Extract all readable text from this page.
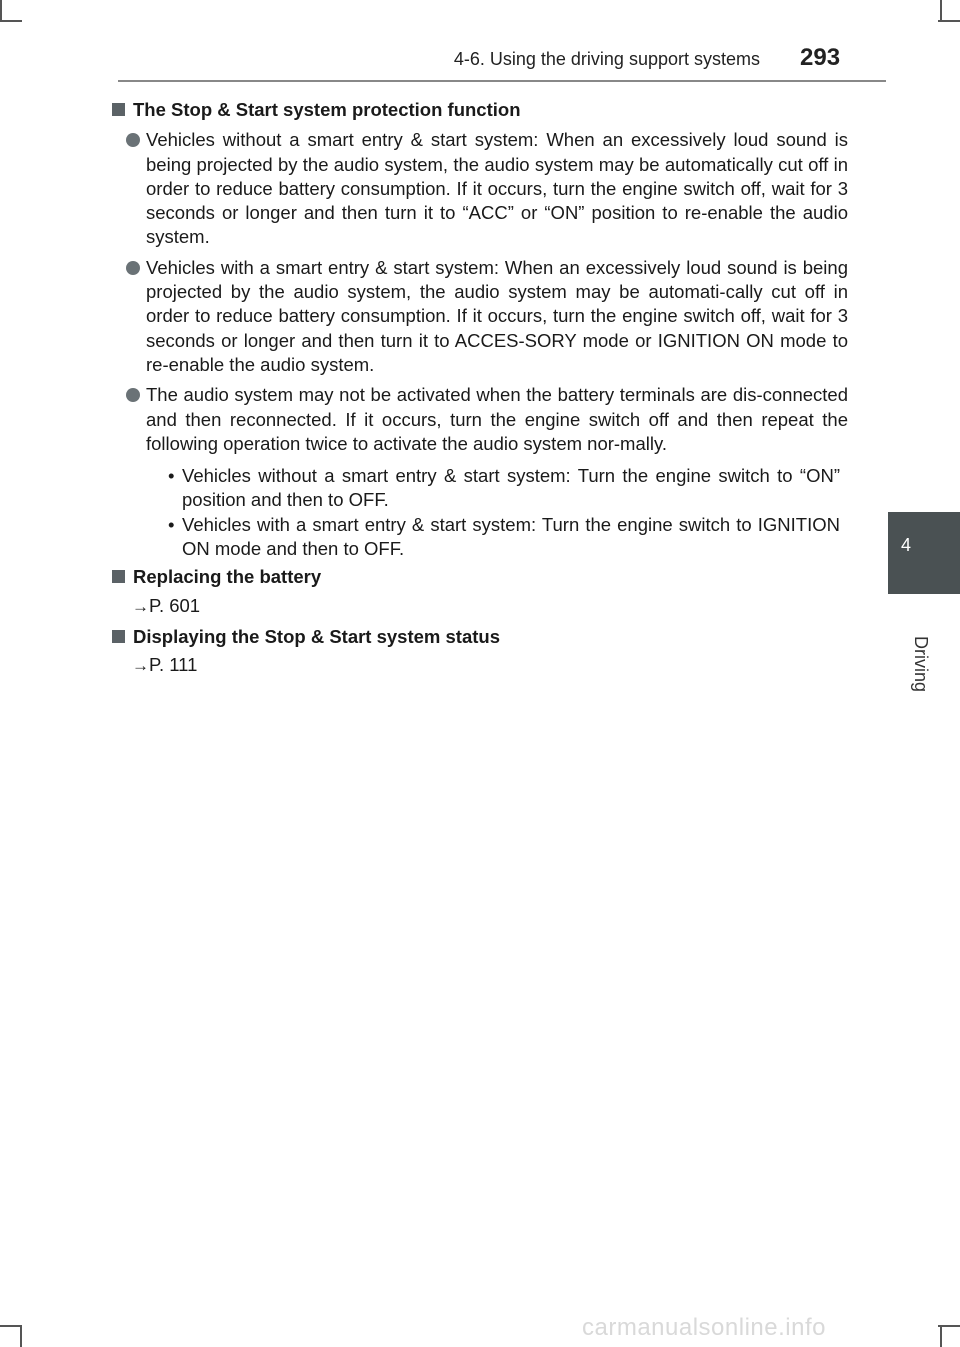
4-6. Using the driving support systems 293
4
Driving
The Stop & Start system protection function
Vehicles without a smart entry & start system: When an excessively loud sound is being projected by the audio system, the audio system may be automatically cut off in order to reduce battery consumption. If it occurs, turn the engine switch off, wait for 3 seconds or longer and then turn it to “ACC” or “ON” position to re-enable the audio system.
Vehicles with a smart entry & start system: When an excessively loud sound is being projected by the audio system, the audio system may be automati-cally cut off in order to reduce battery consumption. If it occurs, turn the engine switch off, wait for 3 seconds or longer and then turn it to ACCES-SORY mode or IGNITION ON mode to re-enable the audio system.
The audio system may not be activated when the battery terminals are dis-connected and then reconnected. If it occurs, turn the engine switch off and then repeat the following operation twice to activate the audio system nor-mally.
• Vehicles without a smart entry & start system: Turn the engine switch to “ON” position and then to OFF.
• Vehicles with a smart entry & start system: Turn the engine switch to IGNITION ON mode and then to OFF.
Replacing the battery
→P. 601
Displaying the Stop & Start system status
→P. 111
carmanualsonline.info
